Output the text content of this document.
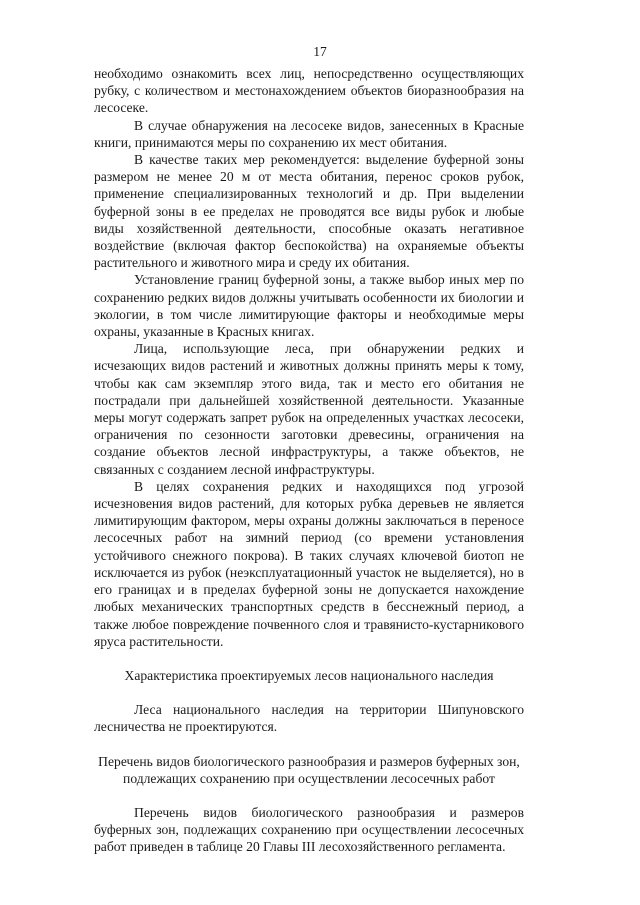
17

необходимо ознакомить всех лиц, непосредственно осуществляющих рубку, с количеством и местонахождением объектов биоразнообразия на лесосеке.

В случае обнаружения на лесосеке видов, занесенных в Красные книги, принимаются меры по сохранению их мест обитания.

В качестве таких мер рекомендуется: выделение буферной зоны размером не менее 20 м от места обитания, перенос сроков рубок, применение специализированных технологий и др. При выделении буферной зоны в ее пределах не проводятся все виды рубок и любые виды хозяйственной деятельности, способные оказать негативное воздействие (включая фактор беспокойства) на охраняемые объекты растительного и животного мира и среду их обитания.

Установление границ буферной зоны, а также выбор иных мер по сохранению редких видов должны учитывать особенности их биологии и экологии, в том числе лимитирующие факторы и необходимые меры охраны, указанные в Красных книгах.

Лица, использующие леса, при обнаружении редких и исчезающих видов растений и животных должны принять меры к тому, чтобы как сам экземпляр этого вида, так и место его обитания не пострадали при дальнейшей хозяйственной деятельности. Указанные меры могут содержать запрет рубок на определенных участках лесосеки, ограничения по сезонности заготовки древесины, ограничения на создание объектов лесной инфраструктуры, а также объектов, не связанных с созданием лесной инфраструктуры.

В целях сохранения редких и находящихся под угрозой исчезновения видов растений, для которых рубка деревьев не является лимитирующим фактором, меры охраны должны заключаться в переносе лесосечных работ на зимний период (со времени установления устойчивого снежного покрова). В таких случаях ключевой биотоп не исключается из рубок (неэксплуатационный участок не выделяется), но в его границах и в пределах буферной зоны не допускается нахождение любых механических транспортных средств в бесснежный период, а также любое повреждение почвенного слоя и травянисто-кустарникового яруса растительности.

Характеристика проектируемых лесов национального наследия

Леса национального наследия на территории Шипуновского лесничества не проектируются.

Перечень видов биологического разнообразия и размеров буферных зон,

подлежащих сохранению при осуществлении лесосечных работ

Перечень видов биологического разнообразия и размеров буферных зон, подлежащих сохранению при осуществлении лесосечных работ приведен в таблице 20 Главы III лесохозяйственного регламента.
